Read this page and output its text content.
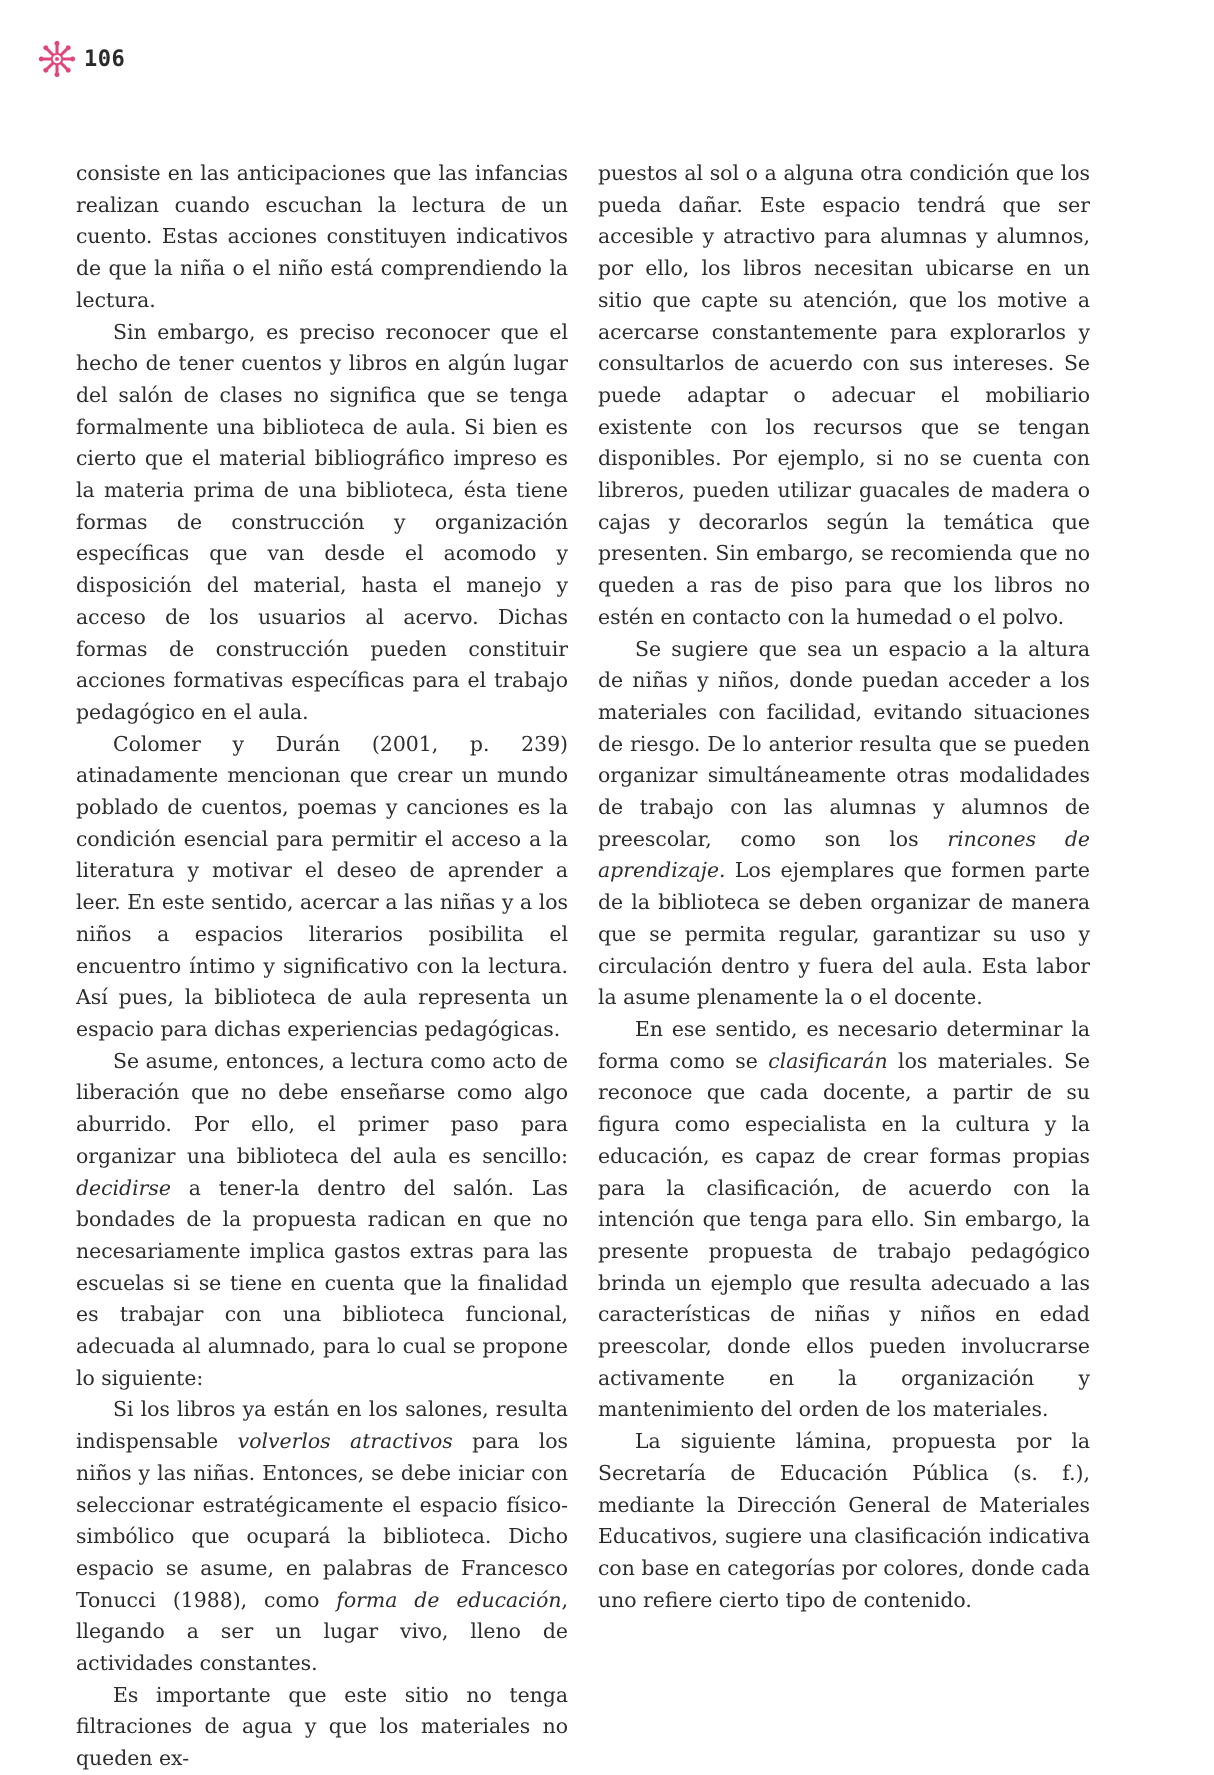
106

consiste en las anticipaciones que las infancias realizan cuando escuchan la lectura de un cuento. Estas acciones constituyen indicativos de que la niña o el niño está comprendiendo la lectura.

Sin embargo, es preciso reconocer que el hecho de tener cuentos y libros en algún lugar del salón de clases no significa que se tenga formalmente una biblioteca de aula. Si bien es cierto que el material bibliográfico impreso es la materia prima de una biblioteca, ésta tiene formas de construcción y organización específicas que van desde el acomodo y disposición del material, hasta el manejo y acceso de los usuarios al acervo. Dichas formas de construcción pueden constituir acciones formativas específicas para el trabajo pedagógico en el aula.

Colomer y Durán (2001, p. 239) atinadamente mencionan que crear un mundo poblado de cuentos, poemas y canciones es la condición esencial para permitir el acceso a la literatura y motivar el deseo de aprender a leer. En este sentido, acercar a las niñas y a los niños a espacios literarios posibilita el encuentro íntimo y significativo con la lectura. Así pues, la biblioteca de aula representa un espacio para dichas experiencias pedagógicas.

Se asume, entonces, a lectura como acto de liberación que no debe enseñarse como algo aburrido. Por ello, el primer paso para organizar una biblioteca del aula es sencillo: decidirse a tener-la dentro del salón. Las bondades de la propuesta radican en que no necesariamente implica gastos extras para las escuelas si se tiene en cuenta que la finalidad es trabajar con una biblioteca funcional, adecuada al alumnado, para lo cual se propone lo siguiente:

Si los libros ya están en los salones, resulta indispensable volverlos atractivos para los niños y las niñas. Entonces, se debe iniciar con seleccionar estratégicamente el espacio físico-simbólico que ocupará la biblioteca. Dicho espacio se asume, en palabras de Francesco Tonucci (1988), como forma de educación, llegando a ser un lugar vivo, lleno de actividades constantes.

Es importante que este sitio no tenga filtraciones de agua y que los materiales no queden ex-

puestos al sol o a alguna otra condición que los pueda dañar. Este espacio tendrá que ser accesible y atractivo para alumnas y alumnos, por ello, los libros necesitan ubicarse en un sitio que capte su atención, que los motive a acercarse constantemente para explorarlos y consultarlos de acuerdo con sus intereses. Se puede adaptar o adecuar el mobiliario existente con los recursos que se tengan disponibles. Por ejemplo, si no se cuenta con libreros, pueden utilizar guacales de madera o cajas y decorarlos según la temática que presenten. Sin embargo, se recomienda que no queden a ras de piso para que los libros no estén en contacto con la humedad o el polvo.

Se sugiere que sea un espacio a la altura de niñas y niños, donde puedan acceder a los materiales con facilidad, evitando situaciones de riesgo. De lo anterior resulta que se pueden organizar simultáneamente otras modalidades de trabajo con las alumnas y alumnos de preescolar, como son los rincones de aprendizaje. Los ejemplares que formen parte de la biblioteca se deben organizar de manera que se permita regular, garantizar su uso y circulación dentro y fuera del aula. Esta labor la asume plenamente la o el docente.

En ese sentido, es necesario determinar la forma como se clasificarán los materiales. Se reconoce que cada docente, a partir de su figura como especialista en la cultura y la educación, es capaz de crear formas propias para la clasificación, de acuerdo con la intención que tenga para ello. Sin embargo, la presente propuesta de trabajo pedagógico brinda un ejemplo que resulta adecuado a las características de niñas y niños en edad preescolar, donde ellos pueden involucrarse activamente en la organización y mantenimiento del orden de los materiales.

La siguiente lámina, propuesta por la Secretaría de Educación Pública (s. f.), mediante la Dirección General de Materiales Educativos, sugiere una clasificación indicativa con base en categorías por colores, donde cada uno refiere cierto tipo de contenido.
